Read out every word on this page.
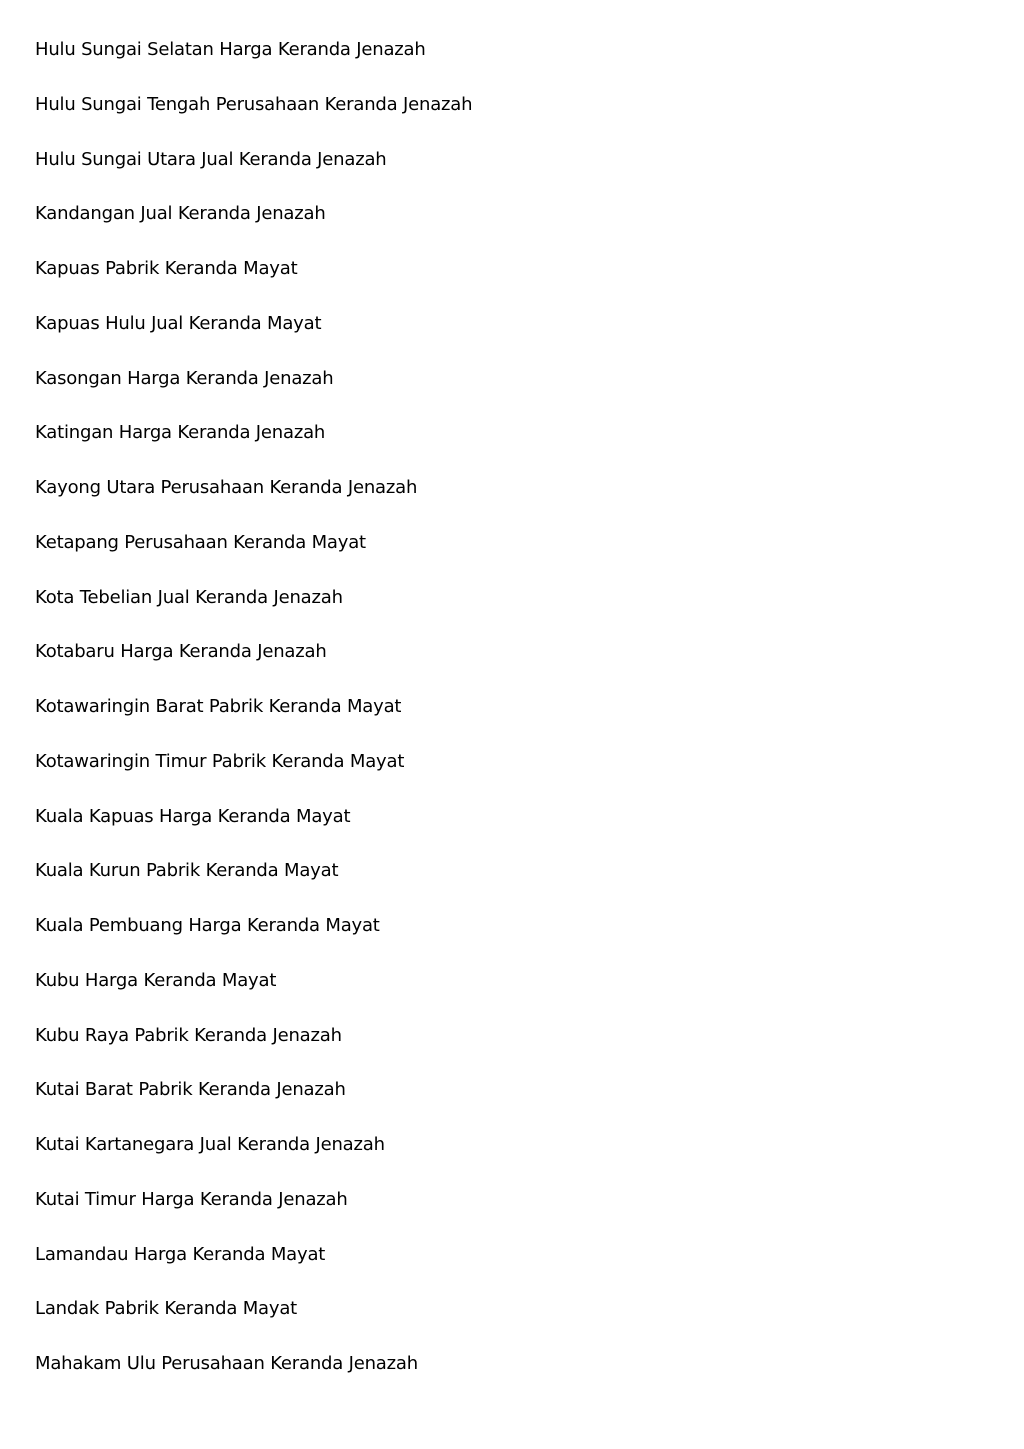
Hulu Sungai Selatan Harga Keranda Jenazah
Hulu Sungai Tengah Perusahaan Keranda Jenazah
Hulu Sungai Utara Jual Keranda Jenazah
Kandangan Jual Keranda Jenazah
Kapuas Pabrik Keranda Mayat
Kapuas Hulu Jual Keranda Mayat
Kasongan Harga Keranda Jenazah
Katingan Harga Keranda Jenazah
Kayong Utara Perusahaan Keranda Jenazah
Ketapang Perusahaan Keranda Mayat
Kota Tebelian Jual Keranda Jenazah
Kotabaru Harga Keranda Jenazah
Kotawaringin Barat Pabrik Keranda Mayat
Kotawaringin Timur Pabrik Keranda Mayat
Kuala Kapuas Harga Keranda Mayat
Kuala Kurun Pabrik Keranda Mayat
Kuala Pembuang Harga Keranda Mayat
Kubu Harga Keranda Mayat
Kubu Raya Pabrik Keranda Jenazah
Kutai Barat Pabrik Keranda Jenazah
Kutai Kartanegara Jual Keranda Jenazah
Kutai Timur Harga Keranda Jenazah
Lamandau Harga Keranda Mayat
Landak Pabrik Keranda Mayat
Mahakam Ulu Perusahaan Keranda Jenazah
